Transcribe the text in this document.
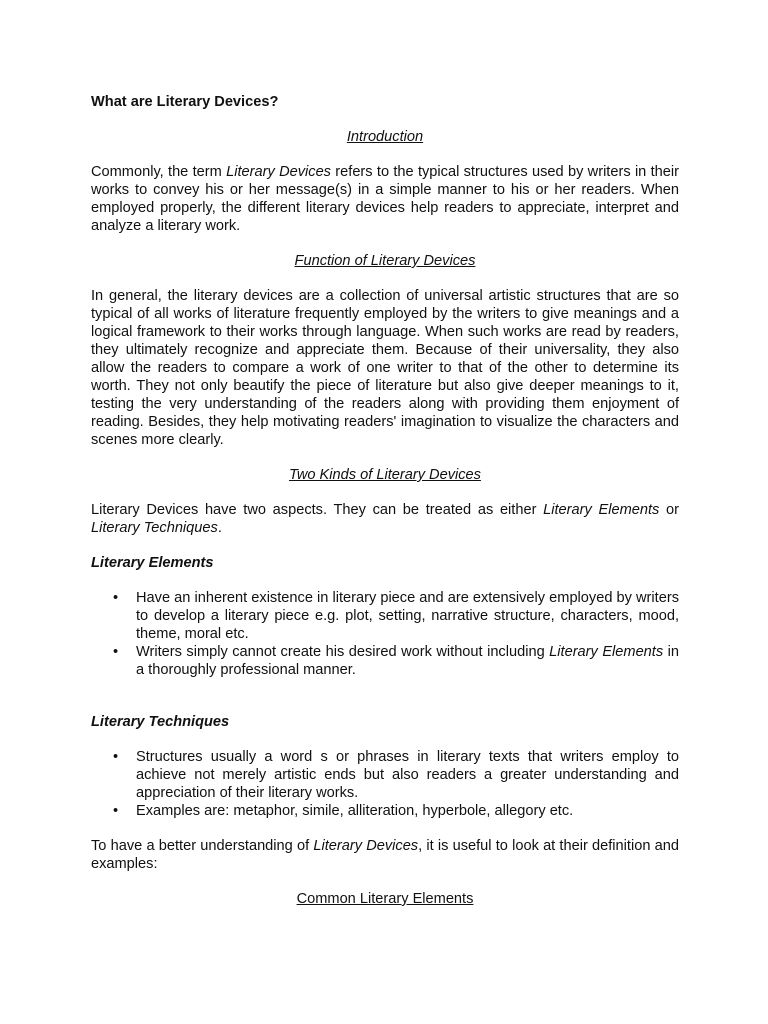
What are Literary Devices?

Introduction

Commonly, the term Literary Devices refers to the typical structures used by writers in their works to convey his or her message(s) in a simple manner to his or her readers. When employed properly, the different literary devices help readers to appreciate, interpret and analyze a literary work.

Function of Literary Devices

In general, the literary devices are a collection of universal artistic structures that are so typical of all works of literature frequently employed by the writers to give meanings and a logical framework to their works through language. When such works are read by readers, they ultimately recognize and appreciate them. Because of their universality, they also allow the readers to compare a work of one writer to that of the other to determine its worth. They not only beautify the piece of literature but also give deeper meanings to it, testing the very understanding of the readers along with providing them enjoyment of reading. Besides, they help motivating readers' imagination to visualize the characters and scenes more clearly.

Two Kinds of Literary Devices

Literary Devices have two aspects. They can be treated as either Literary Elements or Literary Techniques.

Literary Elements

• Have an inherent existence in literary piece and are extensively employed by writers to develop a literary piece e.g. plot, setting, narrative structure, characters, mood, theme, moral etc.
• Writers simply cannot create his desired work without including Literary Elements in a thoroughly professional manner.

Literary Techniques

• Structures usually a word s or phrases in literary texts that writers employ to achieve not merely artistic ends but also readers a greater understanding and appreciation of their literary works.
• Examples are: metaphor, simile, alliteration, hyperbole, allegory etc.

To have a better understanding of Literary Devices, it is useful to look at their definition and examples:

Common Literary Elements
